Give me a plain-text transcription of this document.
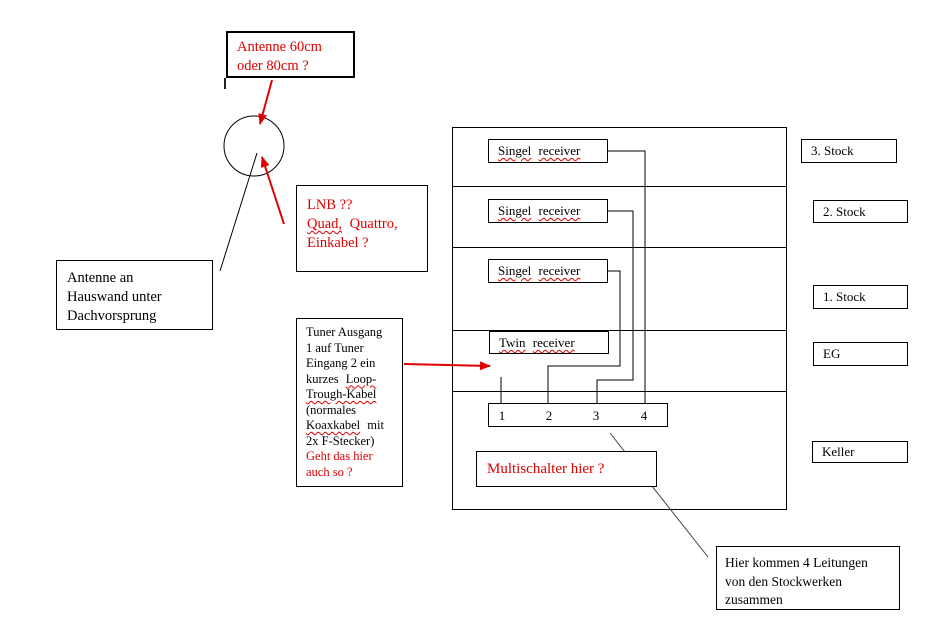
Antenne 60cm
oder 80cm ?
LNB ??
Quad, Quattro,
Einkabel ?
Antenne an
Hauswand unter
Dachvorsprung
Tuner Ausgang
1 auf Tuner
Eingang 2 ein
kurzes Loop-
Trough-Kabel
(normales
Koaxkabel mit
2x F-Stecker)
Geht das hier
auch so ?
Singel receiver
Singel receiver
Singel receiver
Twin receiver
1	2	3	4
Multischalter hier ?
3. Stock
2. Stock
1. Stock
EG
Keller
Hier kommen 4 Leitungen
von den Stockwerken
zusammen
